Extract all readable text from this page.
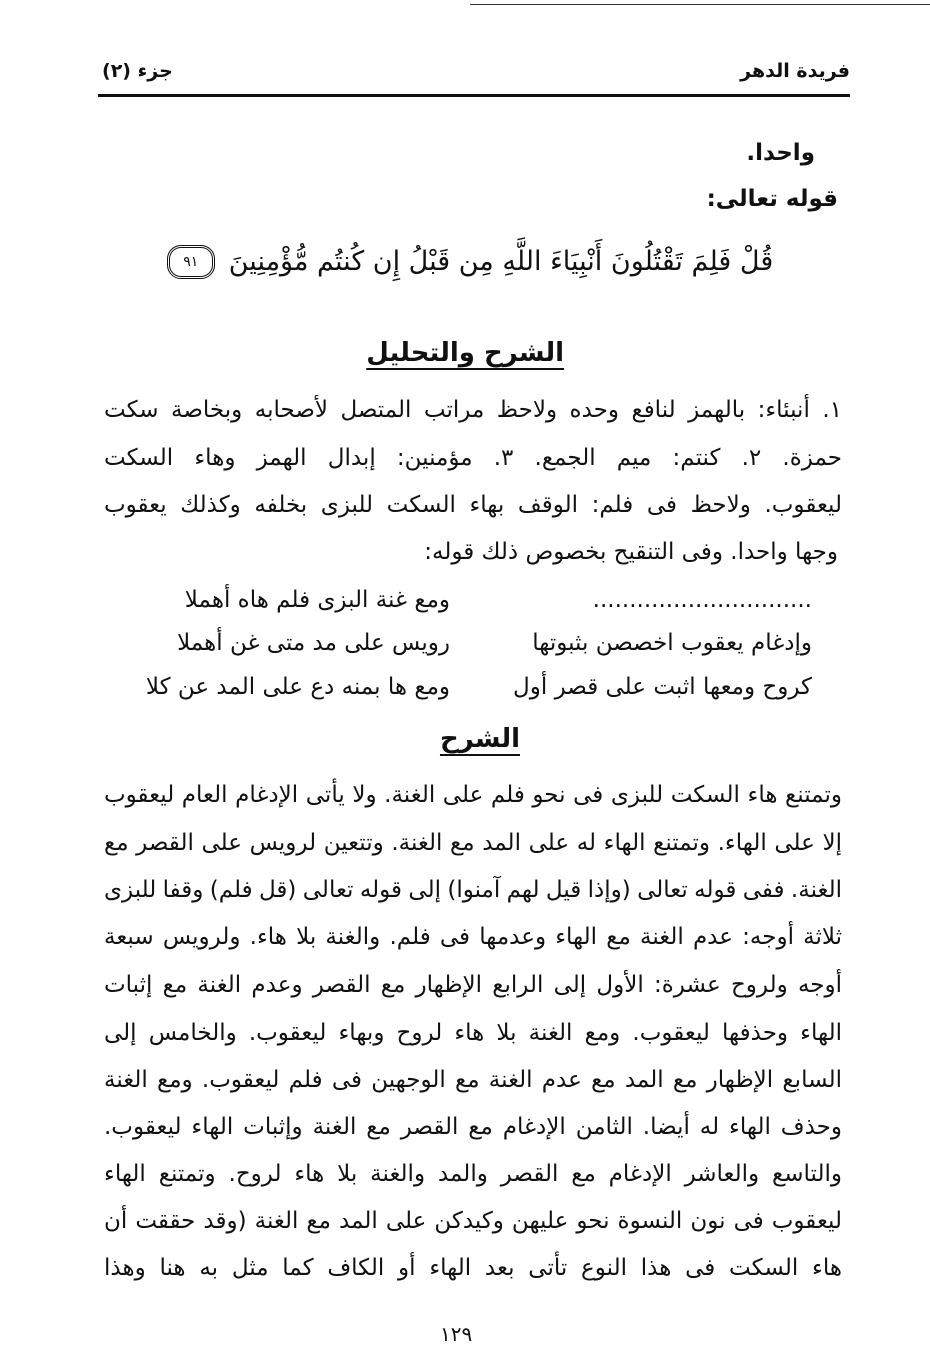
فريدة الدهر
جزء (٢)
واحدا.
قوله تعالى:
قُلْ فَلِمَ تَقْتُلُونَ أَنْبِيَاءَ اللَّهِ مِن قَبْلُ إِن كُنتُم مُّؤْمِنِينَ
٩١
الشرح والتحليل
١. أنبئاء: بالهمز لنافع وحده ولاحظ مراتب المتصل لأصحابه وبخاصة سكت
حمزة. ٢. كنتم: ميم الجمع. ٣. مؤمنين: إبدال الهمز وهاء السكت
ليعقوب. ولاحظ فى فلم: الوقف بهاء السكت للبزى بخلفه وكذلك يعقوب
وجها واحدا. وفى التنقيح بخصوص ذلك قوله:
..............................
ومع غنة البزى فلم هاه أهملا
وإدغام يعقوب اخصصن بثبوتها
رويس على مد متى غن أهملا
كروح ومعها اثبت على قصر أول
ومع ها بمنه دع على المد عن كلا
الشرح
وتمتنع هاء السكت للبزى فى نحو فلم على الغنة. ولا يأتى الإدغام العام ليعقوب
إلا على الهاء. وتمتنع الهاء له على المد مع الغنة. وتتعين لرويس على القصر مع
الغنة. ففى قوله تعالى (وإذا قيل لهم آمنوا) إلى قوله تعالى (قل فلم) وقفا للبزى
ثلاثة أوجه: عدم الغنة مع الهاء وعدمها فى فلم. والغنة بلا هاء. ولرويس سبعة
أوجه ولروح عشرة: الأول إلى الرابع الإظهار مع القصر وعدم الغنة مع إثبات
الهاء وحذفها ليعقوب. ومع الغنة بلا هاء لروح وبهاء ليعقوب. والخامس إلى
السابع الإظهار مع المد مع عدم الغنة مع الوجهين فى فلم ليعقوب. ومع الغنة
وحذف الهاء له أيضا. الثامن الإدغام مع القصر مع الغنة وإثبات الهاء ليعقوب.
والتاسع والعاشر الإدغام مع القصر والمد والغنة بلا هاء لروح. وتمتنع الهاء
ليعقوب فى نون النسوة نحو عليهن وكيدكن على المد مع الغنة (وقد حققت أن
هاء السكت فى هذا النوع تأتى بعد الهاء أو الكاف كما مثل به هنا وهذا
١٢٩
